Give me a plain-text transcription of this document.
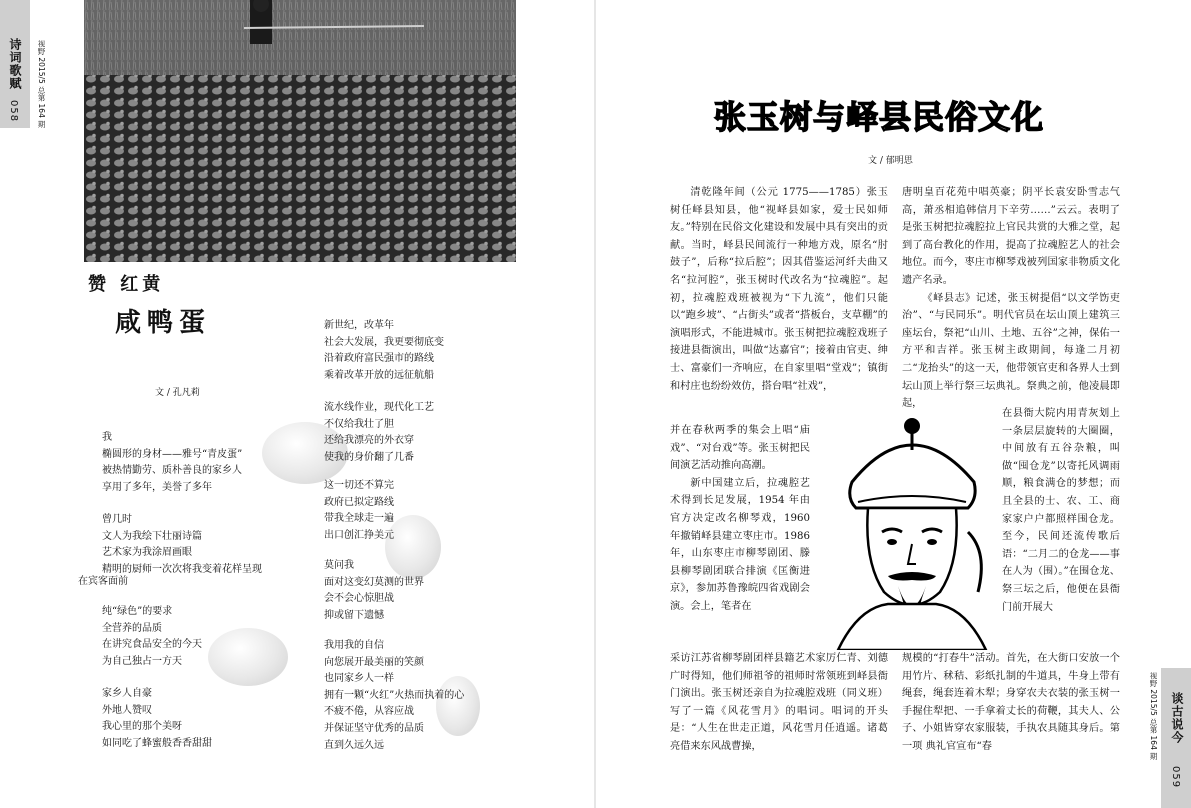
诗词歌赋
058 视野 2015/5 总第 164 期
赞 红黄
咸鸭蛋
文 / 孔凡莉
我
椭圆形的身材——雅号“青皮蛋”
被热情勤劳、质朴善良的家乡人
享用了多年，美誉了多年
曾几时
文人为我绘下壮丽诗篇
艺术家为我涂眉画眼
精明的厨师一次次将我变着花样呈现
在宾客面前
纯“绿色”的要求
全营养的品质
在讲究食品安全的今天
为自己独占一方天
家乡人自豪
外地人赞叹
我心里的那个美呀
如同吃了蜂蜜般香香甜甜
新世纪，改革年
社会大发展，我更要彻底变
沿着政府富民强市的路线
乘着改革开放的远征航船
流水线作业，现代化工艺
不仅给我壮了胆
还给我漂亮的外衣穿
使我的身价翻了几番
这一切还不算完
政府已拟定路线
带我全球走一遍
出口创汇挣美元
莫问我
面对这变幻莫测的世界
会不会心惊胆战
抑或留下遗憾
我用我的自信
向您展开最美丽的笑颜
也同家乡人一样
拥有一颗“火红”火热而执着的心
不疲不倦，从容应战
并保证坚守优秀的品质
直到久远久远
张玉树与峄县民俗文化
文 / 郁明思

清乾隆年间（公元 1775——1785）张玉树任峄县知县，他“视峄县如家，爱士民如师友。”特别在民俗文化建设和发展中具有突出的贡献。当时，峄县民间流行一种地方戏，原名“肘鼓子”，后称“拉后腔”；因其借鉴运河纤夫曲又名“拉河腔”，张玉树时代改名为“拉魂腔”。起初，拉魂腔戏班被视为“下九流”，他们只能以“跑乡坡”、“占街头”或者“搭板台，支草棚”的演唱形式，不能进城市。张玉树把拉魂腔戏班子接进县衙演出，叫做“达嘉官”；接着由官吏、绅士、富豪们一齐响应，在自家里唱“堂戏”；镇街和村庄也纷纷效仿，搭台唱“社戏”，

并在春秋两季的集会上唱“庙戏”、“对台戏”等。张玉树把民间演艺活动推向高潮。

新中国建立后，拉魂腔艺术得到长足发展，1954 年由官方决定改名柳琴戏，1960 年撤销峄县建立枣庄市。1986 年，山东枣庄市柳琴剧团、滕县柳琴剧团联合排演《匡衡进京》，参加苏鲁豫皖四省戏剧会演。会上，笔者在

采访江苏省柳琴剧团样县籍艺术家厉仁青、刘德广时得知，他们师祖爷的祖师时常领班到峄县衙门演出。张玉树还亲自为拉魂腔戏班（同义班）写了一篇《风花雪月》的唱词。唱词的开头是：“人生在世走正道，风花雪月任逍遥。诸葛亮借来东风战曹操，

唐明皇百花苑中唱英豪；阴平长袁安卧雪志气高，萧丞相追韩信月下辛劳……”云云。表明了是张玉树把拉魂腔拉上官民共赏的大雅之堂，起到了高台教化的作用，提高了拉魂腔艺人的社会地位。而今，枣庄市柳琴戏被列国家非物质文化遗产名录。

《峄县志》记述，张玉树提倡“以文学饬吏治”、“与民同乐”。明代官员在坛山顶上建筑三座坛台，祭祀“山川、土地、五谷”之神，保佑一方平和吉祥。张玉树主政期间，每逢二月初二“龙抬头”的这一天，他带领官吏和各界人士到坛山顶上举行祭三坛典礼。祭典之前，他凌晨即起，

在县衙大院内用青灰划上一条层层旋转的大圈圈，中间放有五谷杂粮，叫做“囤仓龙”以寄托风调雨顺，粮食满仓的梦想；而且全县的士、农、工、商家家户户都照样围仓龙。至今，民间还流传歌后语：“二月二的仓龙——事在人为（围）。”在围仓龙、祭三坛之后，他便在县衙门前开展大

规模的“打春牛”活动。首先，在大街口安放一个用竹片、秫秸、彩纸扎制的牛道具，牛身上带有绳套，绳套连着木犁；身穿农夫衣装的张玉树一手握住犁把、一手拿着丈长的荷鞭，其夫人、公子、小姐皆穿农家服装，手执农具随其身后。第一项 典礼官宣布“春

谈古说今
059
视野 2015/5 总第 164 期
